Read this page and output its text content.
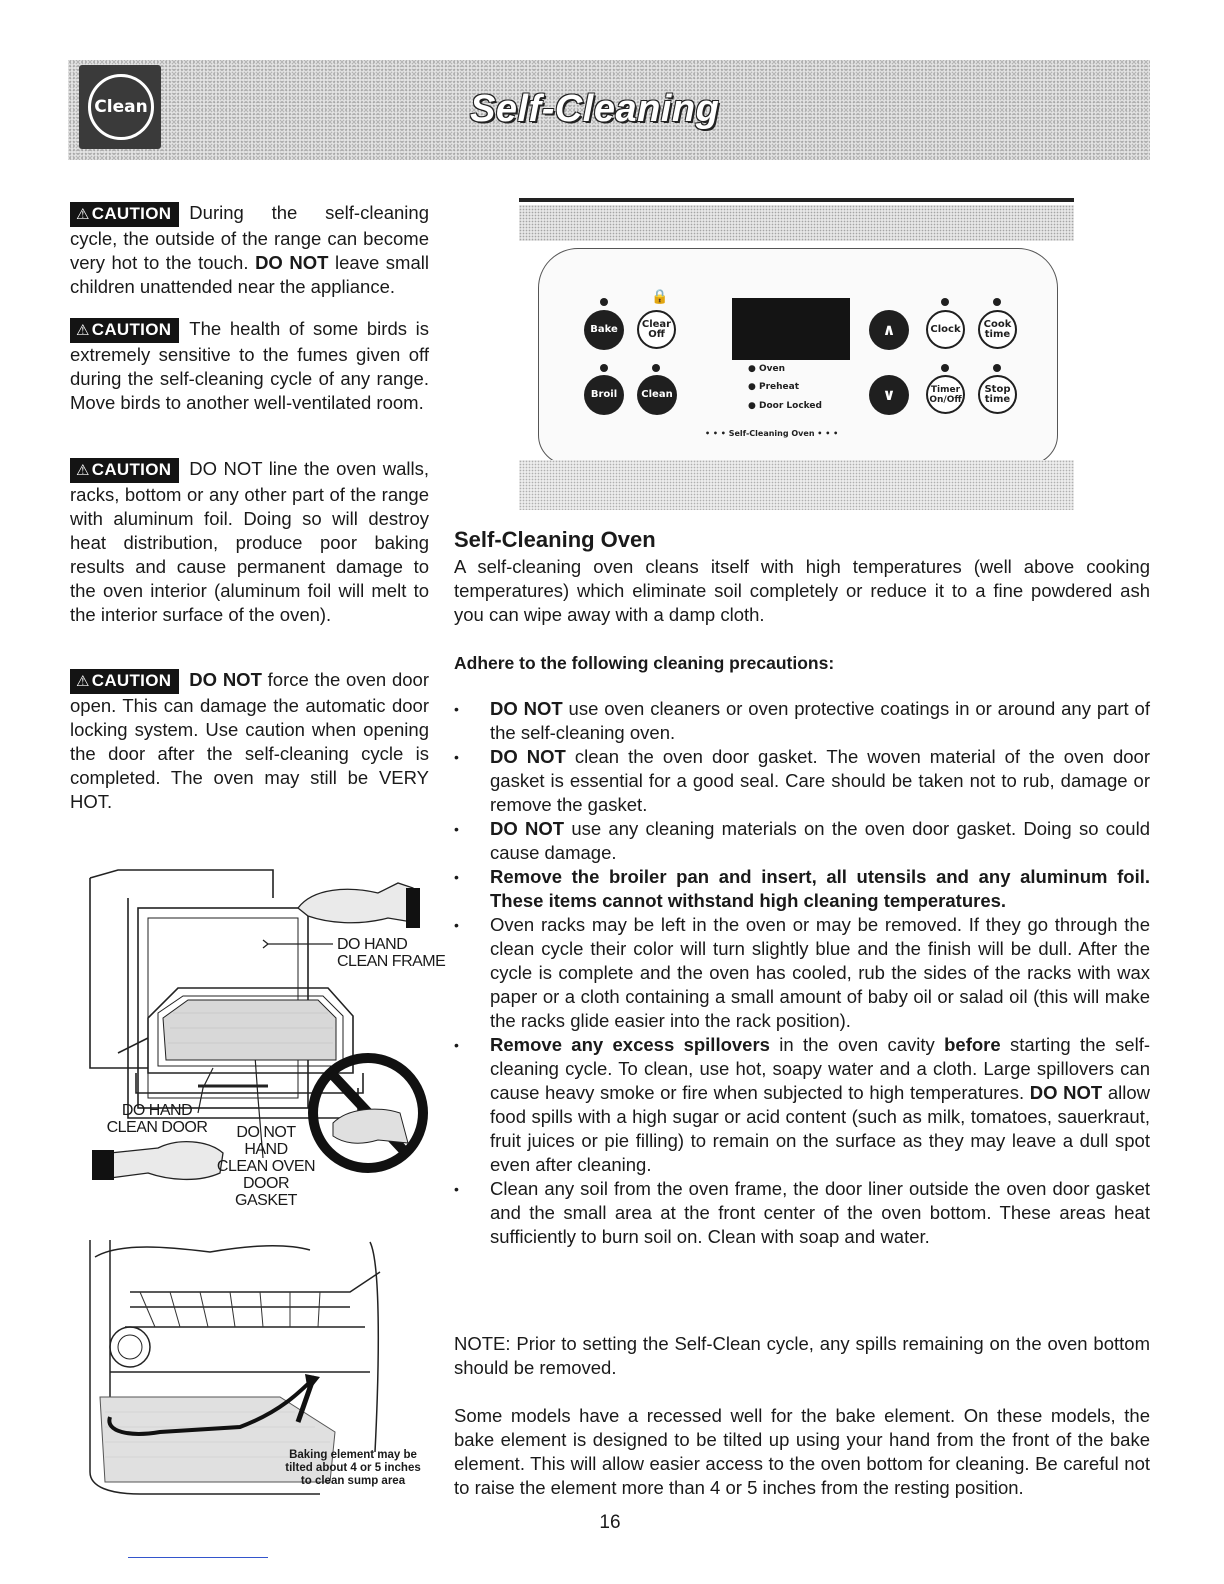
Clean	Self-Cleaning
⚠ CAUTION During the self-cleaning cycle, the outside of the range can become very hot to the touch. DO NOT leave small children unattended near the appliance.
⚠ CAUTION The health of some birds is extremely sensitive to the fumes given off during the self-cleaning cycle of any range. Move birds to another well-ventilated room.
⚠ CAUTION DO NOT line the oven walls, racks, bottom or any other part of the range with aluminum foil. Doing so will destroy heat distribution, produce poor baking results and cause permanent damage to the oven interior (aluminum foil will melt to the interior surface of the oven).
⚠ CAUTION DO NOT force the oven door open. This can damage the automatic door locking system. Use caution when opening the door after the self-cleaning cycle is completed. The oven may still be VERY HOT.
DO HAND
CLEAN FRAME
DO HAND
CLEAN DOOR	DO NOT
HAND
CLEAN OVEN
DOOR GASKET
Baking element may be
tilted about 4 or 5 inches
to clean sump area
🔒
Bake	Clear
Off
Broil	Clean
● Oven
● Preheat
● Door Locked
• • • Self-Cleaning Oven • • •
∧
∨
Clock	Cook
time
Timer
On/Off
Stop
time
Self-Cleaning Oven
A self-cleaning oven cleans itself with high temperatures (well above cooking temperatures) which eliminate soil completely or reduce it to a fine powdered ash you can wipe away with a damp cloth.
Adhere to the following cleaning precautions:
• DO NOT use oven cleaners or oven protective coatings in or around any part of the self-cleaning oven.
• DO NOT clean the oven door gasket. The woven material of the oven door gasket is essential for a good seal. Care should be taken not to rub, damage or remove the gasket.
• DO NOT use any cleaning materials on the oven door gasket. Doing so could cause damage.
• Remove the broiler pan and insert, all utensils and any aluminum foil. These items cannot withstand high cleaning temperatures.
• Oven racks may be left in the oven or may be removed. If they go through the clean cycle their color will turn slightly blue and the finish will be dull. After the cycle is complete and the oven has cooled, rub the sides of the racks with wax paper or a cloth containing a small amount of baby oil or salad oil (this will make the racks glide easier into the rack position).
• Remove any excess spillovers in the oven cavity before starting the self-cleaning cycle. To clean, use hot, soapy water and a cloth. Large spillovers can cause heavy smoke or fire when subjected to high temperatures. DO NOT allow food spills with a high sugar or acid content (such as milk, tomatoes, sauerkraut, fruit juices or pie filling) to remain on the surface as they may leave a dull spot even after cleaning.
• Clean any soil from the oven frame, the door liner outside the oven door gasket and the small area at the front center of the oven bottom. These areas heat sufficiently to burn soil on. Clean with soap and water.
NOTE: Prior to setting the Self-Clean cycle, any spills remaining on the oven bottom should be removed.
Some models have a recessed well for the bake element. On these models, the bake element is designed to be tilted up using your hand from the front of the bake element. This will allow easier access to the oven bottom for cleaning. Be careful not to raise the element more than 4 or 5 inches from the resting position.
16
